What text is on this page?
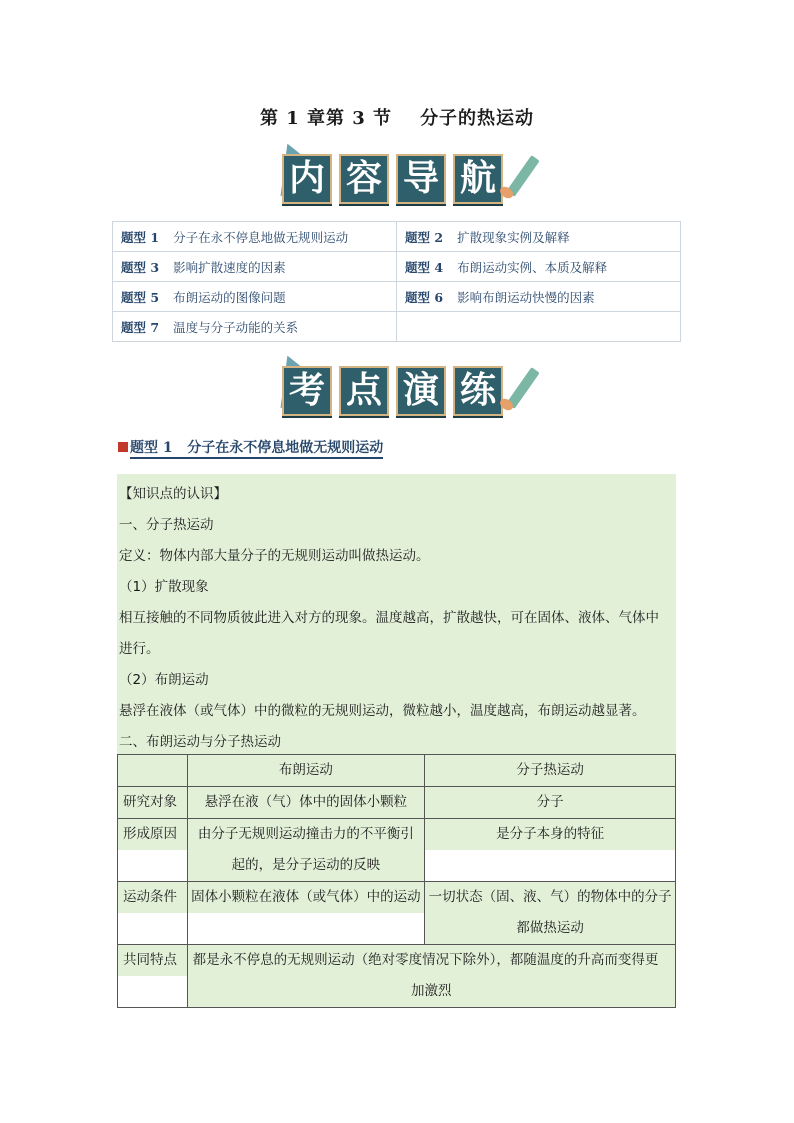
第 1 章第 3 节 分子的热运动
内 容 导 航
题型 1 分子在永不停息地做无规则运动	题型 2 扩散现象实例及解释
题型 3 影响扩散速度的因素	题型 4 布朗运动实例、本质及解释
题型 5 布朗运动的图像问题	题型 6 影响布朗运动快慢的因素
题型 7 温度与分子动能的关系	
考 点 演 练
题型 1 分子在永不停息地做无规则运动
【知识点的认识】
一、分子热运动
定义：物体内部大量分子的无规则运动叫做热运动。
（1）扩散现象
相互接触的不同物质彼此进入对方的现象。温度越高，扩散越快，可在固体、液体、气体中
进行。
（2）布朗运动
悬浮在液体（或气体）中的微粒的无规则运动，微粒越小，温度越高，布朗运动越显著。
二、布朗运动与分子热运动

	布朗运动	分子热运动

研究对象	悬浮在液（气）体中的固体小颗粒	分子

形成原因	由分子无规则运动撞击力的不平衡引
起的，是分子运动的反映	是分子本身的特征

运动条件	固体小颗粒在液体（或气体）中的运动	一切状态（固、液、气）的物体中的分子
都做热运动

共同特点	都是永不停息的无规则运动（绝对零度情况下除外），都随温度的升高而变得更
加激烈	
